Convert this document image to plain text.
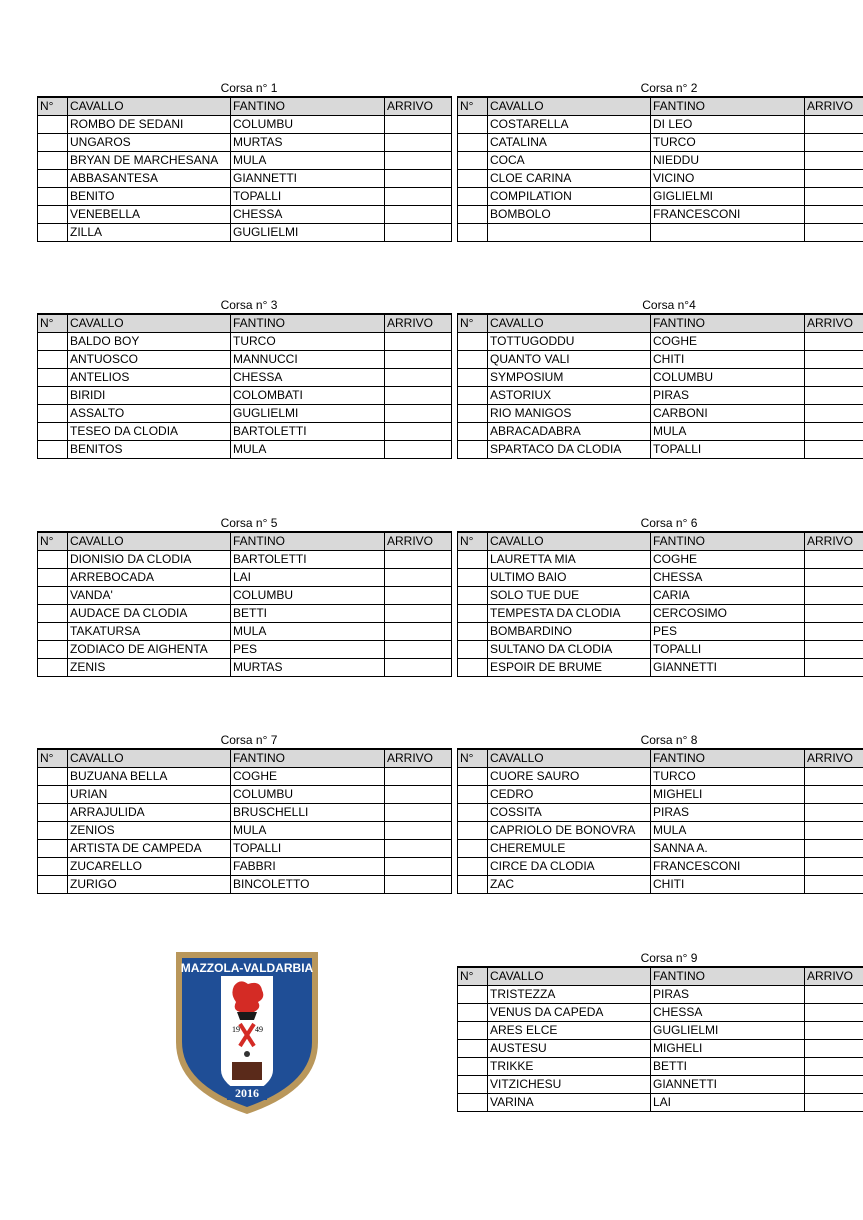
Corsa n° 1
N°	CAVALLO	FANTINO	ARRIVO
	ROMBO DE SEDANI	COLUMBU	
	UNGAROS	MURTAS	
	BRYAN DE MARCHESANA	MULA	
	ABBASANTESA	GIANNETTI	
	BENITO	TOPALLI	
	VENEBELLA	CHESSA	
	ZILLA	GUGLIELMI	
Corsa n° 2
N°	CAVALLO	FANTINO	ARRIVO
	COSTARELLA	DI LEO	
	CATALINA	TURCO	
	COCA	NIEDDU	
	CLOE CARINA	VICINO	
	COMPILATION	GIGLIELMI	
	BOMBOLO	FRANCESCONI	

Corsa n° 3
N°	CAVALLO	FANTINO	ARRIVO
	BALDO BOY	TURCO	
	ANTUOSCO	MANNUCCI	
	ANTELIOS	CHESSA	
	BIRIDI	COLOMBATI	
	ASSALTO	GUGLIELMI	
	TESEO DA CLODIA	BARTOLETTI	
	BENITOS	MULA	
Corsa n°4
N°	CAVALLO	FANTINO	ARRIVO
	TOTTUGODDU	COGHE	
	QUANTO VALI	CHITI	
	SYMPOSIUM	COLUMBU	
	ASTORIUX	PIRAS	
	RIO MANIGOS	CARBONI	
	ABRACADABRA	MULA	
	SPARTACO DA CLODIA	TOPALLI	
Corsa n° 5
N°	CAVALLO	FANTINO	ARRIVO
	DIONISIO DA CLODIA	BARTOLETTI	
	ARREBOCADA	LAI	
	VANDA'	COLUMBU	
	AUDACE DA CLODIA	BETTI	
	TAKATURSA	MULA	
	ZODIACO DE AIGHENTA	PES	
	ZENIS	MURTAS	
Corsa n° 6
N°	CAVALLO	FANTINO	ARRIVO
	LAURETTA MIA	COGHE	
	ULTIMO BAIO	CHESSA	
	SOLO TUE DUE	CARIA	
	TEMPESTA DA CLODIA	CERCOSIMO	
	BOMBARDINO	PES	
	SULTANO DA CLODIA	TOPALLI	
	ESPOIR DE BRUME	GIANNETTI	
Corsa n° 7
N°	CAVALLO	FANTINO	ARRIVO
	BUZUANA BELLA	COGHE	
	URIAN	COLUMBU	
	ARRAJULIDA	BRUSCHELLI	
	ZENIOS	MULA	
	ARTISTA DE CAMPEDA	TOPALLI	
	ZUCARELLO	FABBRI	
	ZURIGO	BINCOLETTO	
Corsa n° 8
N°	CAVALLO	FANTINO	ARRIVO
	CUORE SAURO	TURCO	
	CEDRO	MIGHELI	
	COSSITA	PIRAS	
	CAPRIOLO DE BONOVRA	MULA	
	CHEREMULE	SANNA A.	
	CIRCE DA CLODIA	FRANCESCONI	
	ZAC	CHITI	
Corsa n° 9
N°	CAVALLO	FANTINO	ARRIVO
	TRISTEZZA	PIRAS	
	VENUS DA CAPEDA	CHESSA	
	ARES ELCE	GUGLIELMI	
	AUSTESU	MIGHELI	
	TRIKKE	BETTI	
	VITZICHESU	GIANNETTI	
	VARINA	LAI	
MAZZOLA-VALDARBIA
19 49
2016
